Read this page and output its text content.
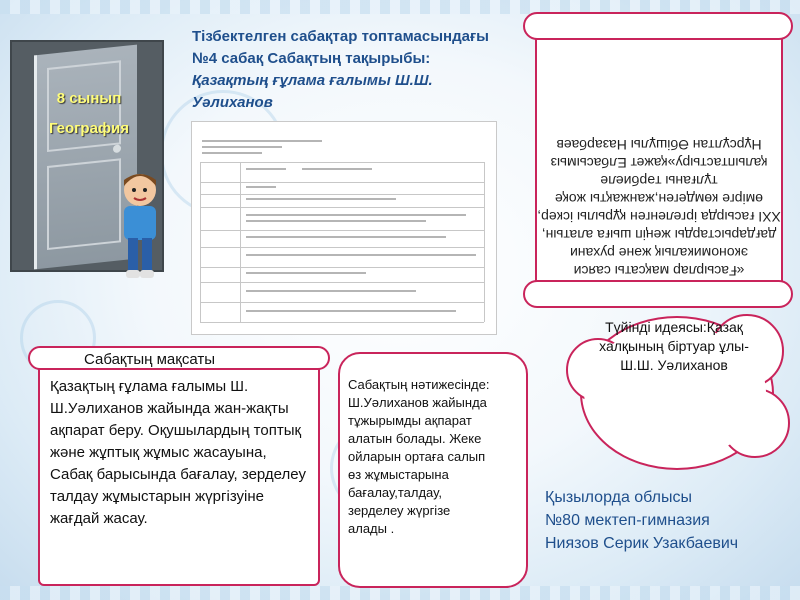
8 сынып
География
Тізбектелген сабақтар топтамасындағы
№4 сабақ Сабақтың тақырыбы:
Қазақтың ғұлама ғалымы Ш.Ш.
Уәлиханов
«Ғасырлар мақсаты саяси экономикалық және рухани дағдарыстарды жеңіп шыға алатын, XXI ғасырда іргеленген құрылы іскер, өмірге көмдеген,жанжақты жоқе тұлғаны тәрбиеле қалыптастыру»қажет Елбасымыз Нұрсұлтан Әбішұлы Назарбаев
Түйінді идеясы:Қазақ халқының біртуар ұлы-Ш.Ш. Уәлиханов
Сабақтың мақсаты
Қазақтың ғұлама ғалымы Ш. Ш.Уәлиханов жайында жан-жақты ақпарат беру. Оқушылардың топтық және жұптық жұмыс жасауына, Сабақ барысында бағалау, зерделеу талдау жұмыстарын жүргізуіне жағдай жасау.
Сабақтың нәтижесінде:
Ш.Уәлиханов жайында
тұжырымды ақпарат
алатын болады. Жеке
ойларын ортаға салып
өз жұмыстарына
бағалау,талдау,
зерделеу жүргізе
алады .
Қызылорда облысы
№80 мектеп-гимназия
Ниязов Серик Узакбаевич
